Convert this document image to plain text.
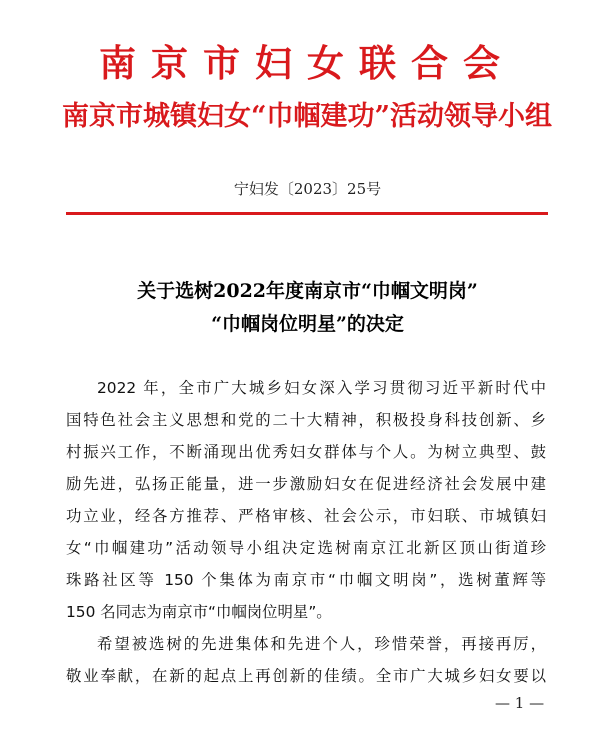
南京市妇女联合会
南京市城镇妇女“巾帼建功”活动领导小组
宁妇发〔2023〕25号
关于选树2022年度南京市“巾帼文明岗”
“巾帼岗位明星”的决定
2022 年，全市广大城乡妇女深入学习贯彻习近平新时代中
国特色社会主义思想和党的二十大精神，积极投身科技创新、乡
村振兴工作，不断涌现出优秀妇女群体与个人。为树立典型、鼓
励先进，弘扬正能量，进一步激励妇女在促进经济社会发展中建
功立业，经各方推荐、严格审核、社会公示，市妇联、市城镇妇
女“巾帼建功”活动领导小组决定选树南京江北新区顶山街道珍
珠路社区等 150 个集体为南京市“巾帼文明岗”，选树董辉等
150 名同志为南京市“巾帼岗位明星”。
希望被选树的先进集体和先进个人，珍惜荣誉，再接再厉，
敬业奉献，在新的起点上再创新的佳绩。全市广大城乡妇女要以
— 1 —
